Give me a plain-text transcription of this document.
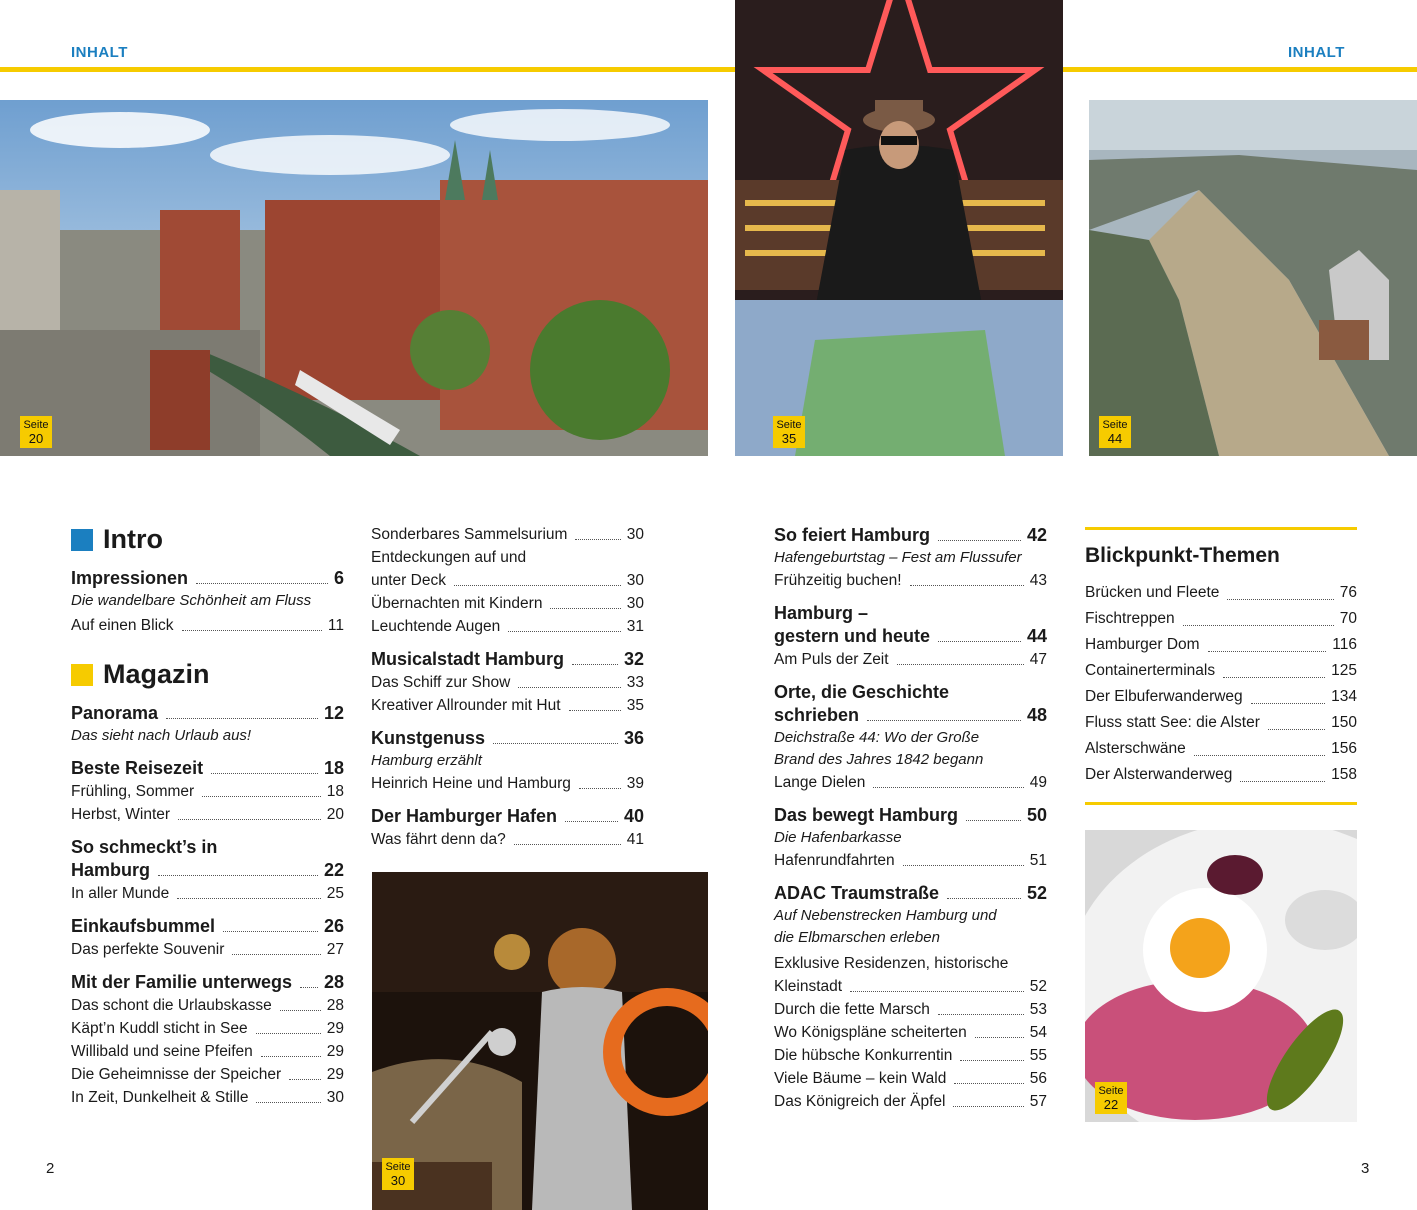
INHALT	INHALT
Seite
20
Seite
35
Seite
44
Seite
30
Seite
22
Intro
Impressionen	6
Die wandelbare Schönheit am Fluss
Auf einen Blick	11
Magazin
Panorama	12
Das sieht nach Urlaub aus!
Beste Reisezeit	18
Frühling, Sommer	18
Herbst, Winter	20
So schmeckt’s in
Hamburg	22
In aller Munde	25
Einkaufsbummel	26
Das perfekte Souvenir	27
Mit der Familie unterwegs 28
Das schont die Urlaubskasse	28
Käpt’n Kuddl sticht in See	29
Willibald und seine Pfeifen	29
Die Geheimnisse der Speicher	29
In Zeit, Dunkelheit & Stille	30
Sonderbares Sammelsurium	30
Entdeckungen auf und
unter Deck	30
Übernachten mit Kindern	30
Leuchtende Augen	31
Musicalstadt Hamburg	32
Das Schiff zur Show	33
Kreativer Allrounder mit Hut	35
Kunstgenuss	36
Hamburg erzählt
Heinrich Heine und Hamburg	39
Der Hamburger Hafen	40
Was fährt denn da?	41
So feiert Hamburg	42
Hafengeburtstag – Fest am Flussufer
Frühzeitig buchen!	43
Hamburg –
gestern und heute	44
Am Puls der Zeit	47
Orte, die Geschichte
schrieben	48
Deichstraße 44: Wo der Große
Brand des Jahres 1842 begann
Lange Dielen	49
Das bewegt Hamburg	50
Die Hafenbarkasse
Hafenrundfahrten	51
ADAC Traumstraße	52
Auf Nebenstrecken Hamburg und
die Elbmarschen erleben
Exklusive Residenzen, historische
Kleinstadt	52
Durch die fette Marsch	53
Wo Königspläne scheiterten	54
Die hübsche Konkurrentin	55
Viele Bäume – kein Wald	56
Das Königreich der Äpfel	57
Blickpunkt-Themen
Brücken und Fleete	76
Fischtreppen	70
Hamburger Dom	116
Containerterminals	125
Der Elbuferwanderweg	134
Fluss statt See: die Alster	150
Alsterschwäne	156
Der Alsterwanderweg	158
2	3
